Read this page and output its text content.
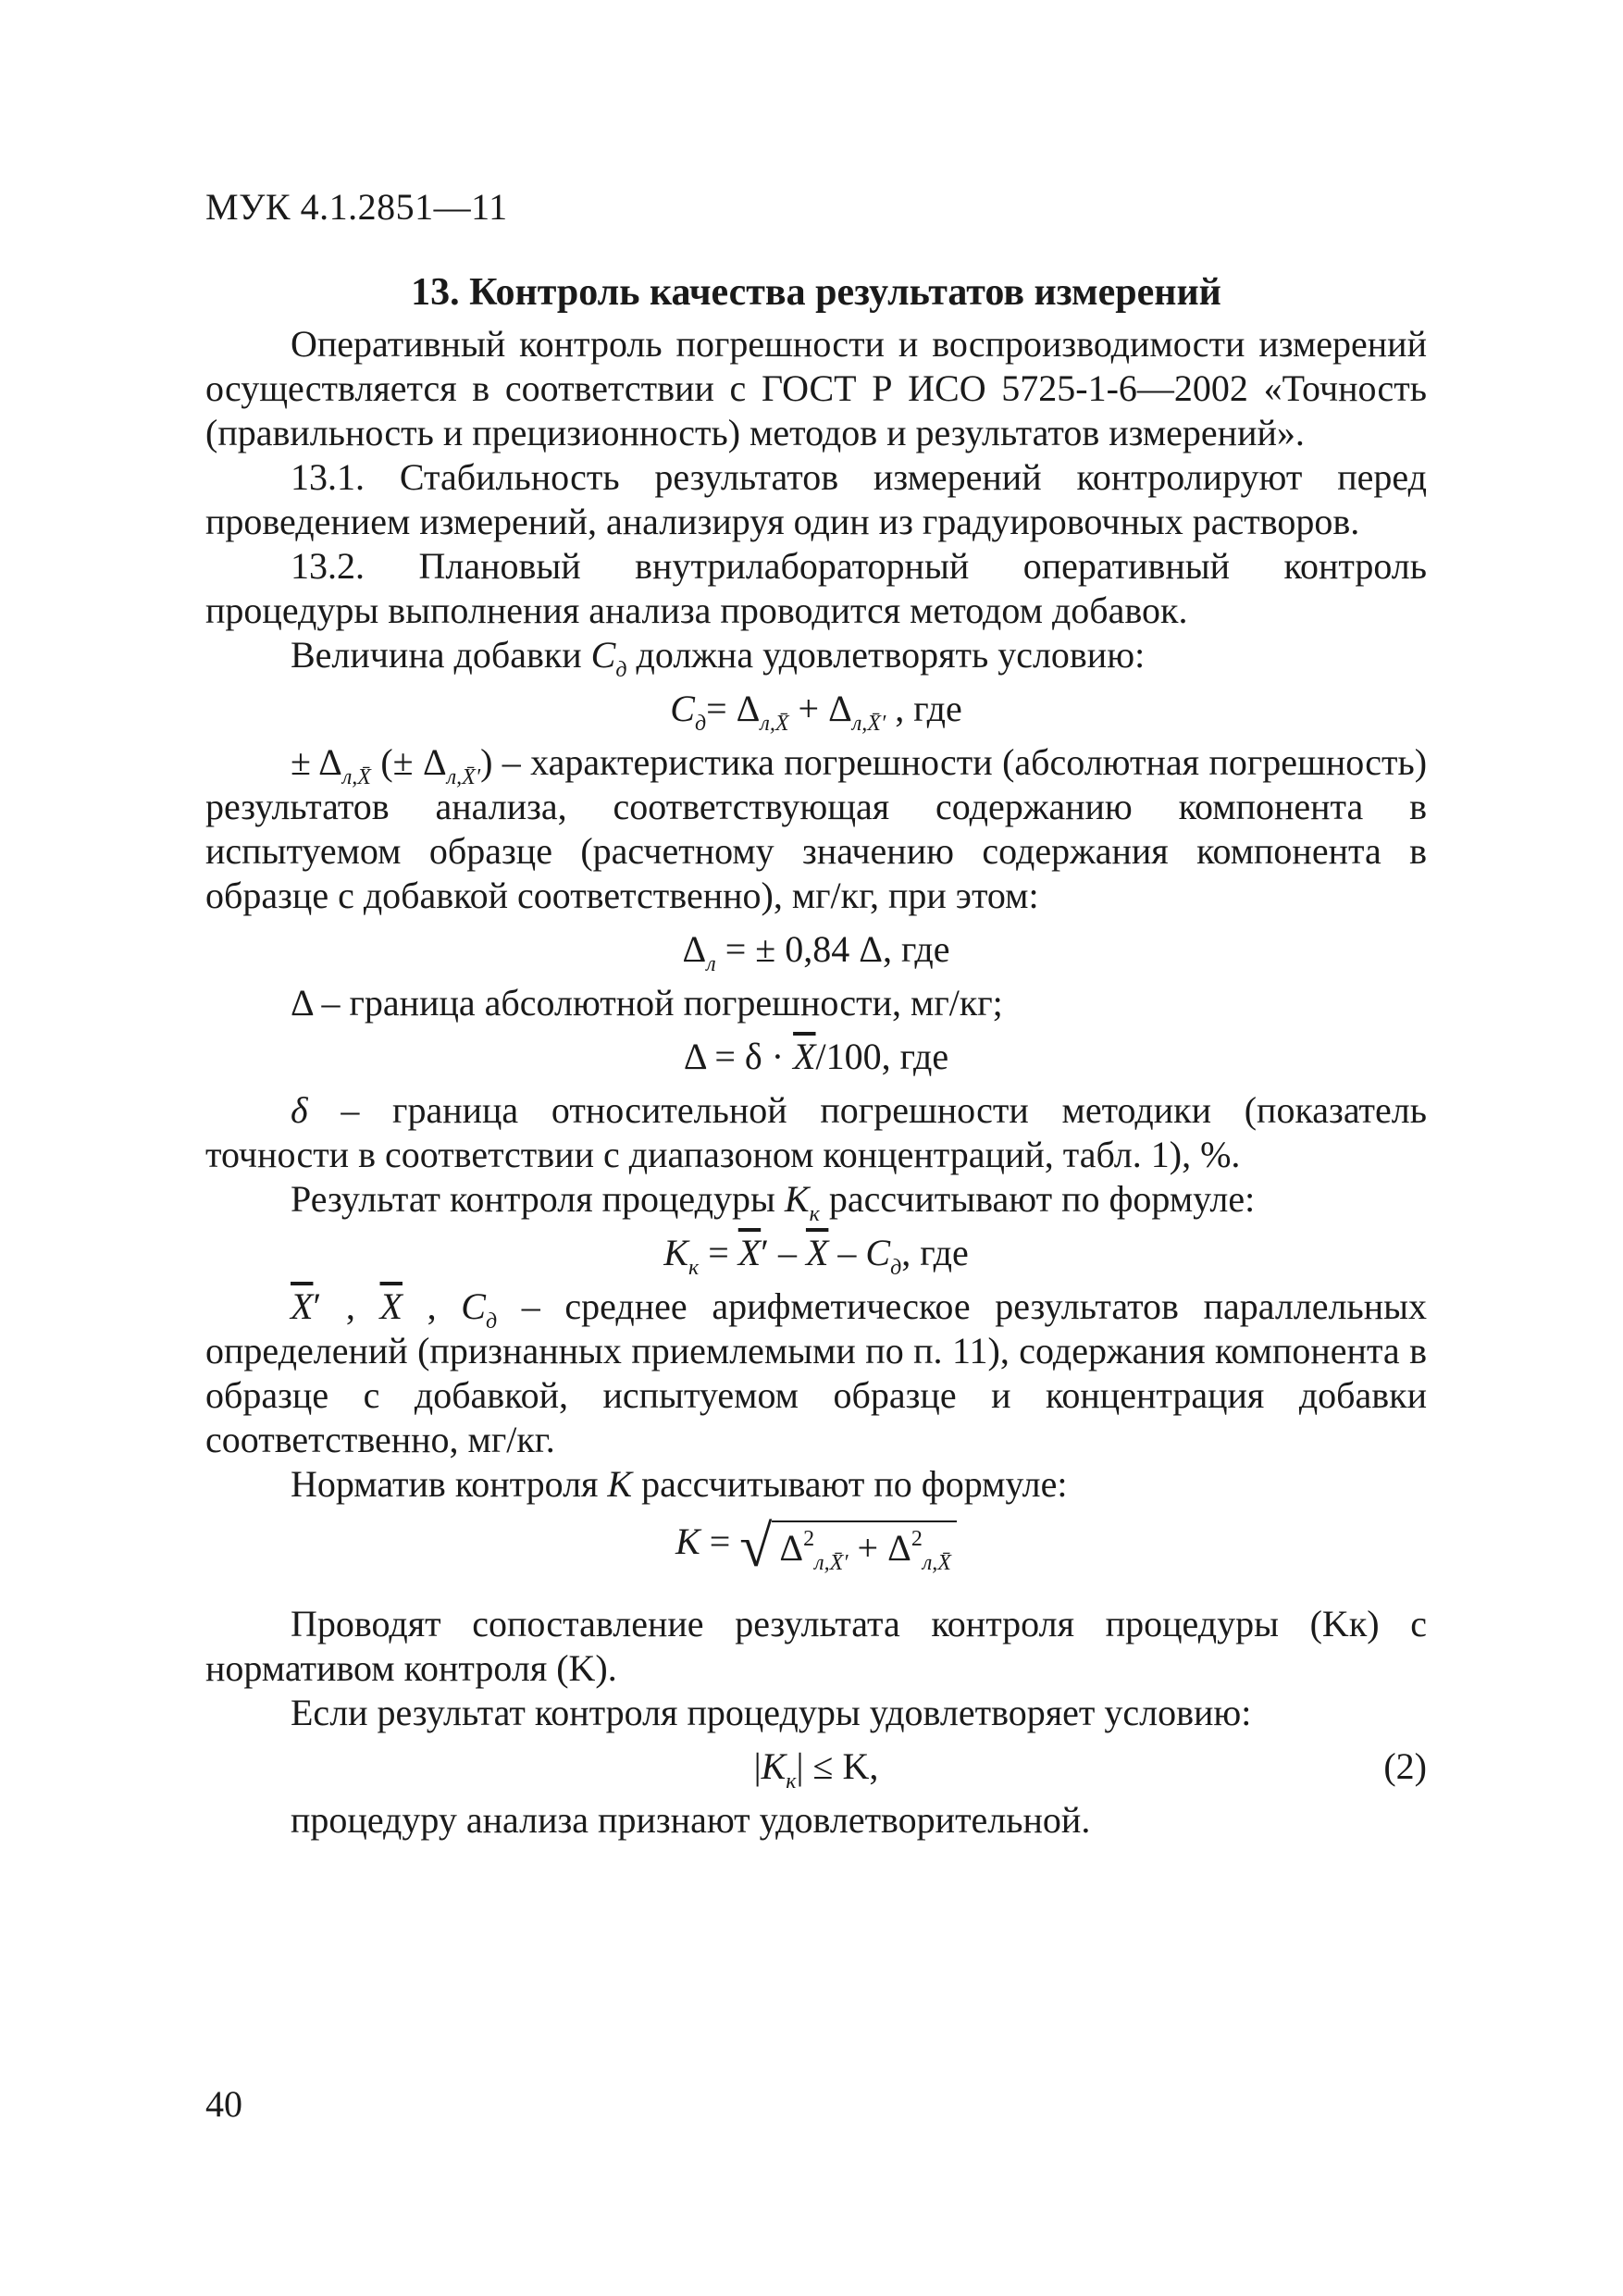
МУК 4.1.2851—11
13. Контроль качества результатов измерений

Оперативный контроль погрешности и воспроизводимости измерений осуществляется в соответствии с ГОСТ Р ИСО 5725-1-6—2002 «Точность (правильность и прецизионность) методов и результатов измерений».

13.1. Стабильность результатов измерений контролируют перед проведением измерений, анализируя один из градуировочных растворов.

13.2. Плановый внутрилабораторный оперативный контроль процедуры выполнения анализа проводится методом добавок.

Величина добавки $C_д$ должна удовлетворять условию:

$C_д= \Delta_{л,X̄} + \Delta_{л,X̄'}$ , где

± $\Delta_{л,X̄}$ (± $\Delta_{л,X̄'}$) – характеристика погрешности (абсолютная погрешность) результатов анализа, соответствующая содержанию компонента в испытуемом образце (расчетному значению содержания компонента в образце с добавкой соответственно), мг/кг, при этом:

$\Delta_л$ = ± 0,84 Δ, где

Δ – граница абсолютной погрешности, мг/кг;

$\Delta = \delta \cdot \overline{X}/100$, где

δ – граница относительной погрешности методики (показатель точности в соответствии с диапазоном концентраций, табл. 1), %.

Результат контроля процедуры $K_к$ рассчитывают по формуле:

$K_к = \overline{X}' - \overline{X} - C_д$, где

$\overline{X}'$ , $\overline{X}$ , $C_д$ – среднее арифметическое результатов параллельных определений (признанных приемлемыми по п. 11), содержания компонента в образце с добавкой, испытуемом образце и концентрация добавки соответственно, мг/кг.

Норматив контроля K рассчитывают по формуле:

K = √ $\Delta^2_{л,X̄'} + \Delta^2_{л,X̄}$

Проводят сопоставление результата контроля процедуры (Kк) с нормативом контроля (K).

Если результат контроля процедуры удовлетворяет условию:

$|K_к| \le K$,	(2)

процедуру анализа признают удовлетворительной.

40
